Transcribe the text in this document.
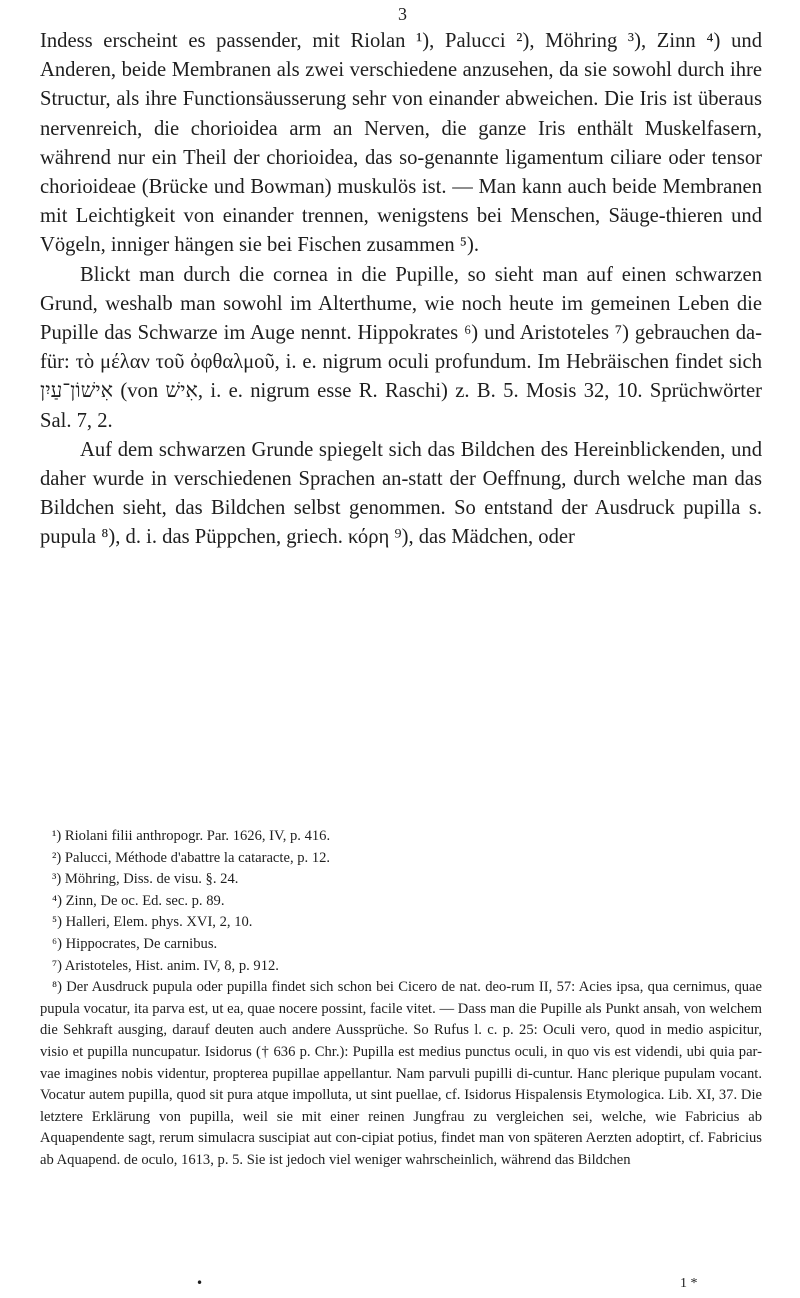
3

Indess erscheint es passender, mit Riolan ¹), Palucci ²), Möhring ³), Zinn ⁴) und Anderen, beide Membranen als zwei verschiedene anzusehen, da sie sowohl durch ihre Structur, als ihre Functionsäusserung sehr von einander abweichen. Die Iris ist überaus nervenreich, die chorioidea arm an Nerven, die ganze Iris enthält Muskelfasern, während nur ein Theil der chorioidea, das so-genannte ligamentum ciliare oder tensor chorioideae (Brücke und Bowman) muskulös ist. — Man kann auch beide Membranen mit Leichtigkeit von einander trennen, wenigstens bei Menschen, Säuge-thieren und Vögeln, inniger hängen sie bei Fischen zusammen ⁵).

Blickt man durch die cornea in die Pupille, so sieht man auf einen schwarzen Grund, weshalb man sowohl im Alterthume, wie noch heute im gemeinen Leben die Pupille das Schwarze im Auge nennt. Hippokrates ⁶) und Aristoteles ⁷) gebrauchen da-für: τὸ μέλαν τοῦ ὀφθαλμοῦ, i. e. nigrum oculi profundum. Im Hebräischen findet sich אִישׁוֹן־עַיִן (von אִישׁ, i. e. nigrum esse R. Raschi) z. B. 5. Mosis 32, 10. Sprüchwörter Sal. 7, 2.

Auf dem schwarzen Grunde spiegelt sich das Bildchen des Hereinblickenden, und daher wurde in verschiedenen Sprachen an-statt der Oeffnung, durch welche man das Bildchen sieht, das Bildchen selbst genommen. So entstand der Ausdruck pupilla s. pupula ⁸), d. i. das Püppchen, griech. κόρη ⁹), das Mädchen, oder

¹) Riolani filii anthropogr. Par. 1626, IV, p. 416.

²) Palucci, Méthode d'abattre la cataracte, p. 12.

³) Möhring, Diss. de visu. §. 24.

⁴) Zinn, De oc. Ed. sec. p. 89.

⁵) Halleri, Elem. phys. XVI, 2, 10.

⁶) Hippocrates, De carnibus.

⁷) Aristoteles, Hist. anim. IV, 8, p. 912.

⁸) Der Ausdruck pupula oder pupilla findet sich schon bei Cicero de nat. deo-rum II, 57: Acies ipsa, qua cernimus, quae pupula vocatur, ita parva est, ut ea, quae nocere possint, facile vitet. — Dass man die Pupille als Punkt ansah, von welchem die Sehkraft ausging, darauf deuten auch andere Aussprüche. So Rufus l. c. p. 25: Oculi vero, quod in medio aspicitur, visio et pupilla nuncupatur. Isidorus († 636 p. Chr.): Pupilla est medius punctus oculi, in quo vis est videndi, ubi quia par-vae imagines nobis videntur, propterea pupillae appellantur. Nam parvuli pupilli di-cuntur. Hanc plerique pupulam vocant. Vocatur autem pupilla, quod sit pura atque impolluta, ut sint puellae, cf. Isidorus Hispalensis Etymologica. Lib. XI, 37. Die letztere Erklärung von pupilla, weil sie mit einer reinen Jungfrau zu vergleichen sei, welche, wie Fabricius ab Aquapendente sagt, rerum simulacra suscipiat aut con-cipiat potius, findet man von späteren Aerzten adoptirt, cf. Fabricius ab Aquapend. de oculo, 1613, p. 5. Sie ist jedoch viel weniger wahrscheinlich, während das Bildchen

•	1 *
